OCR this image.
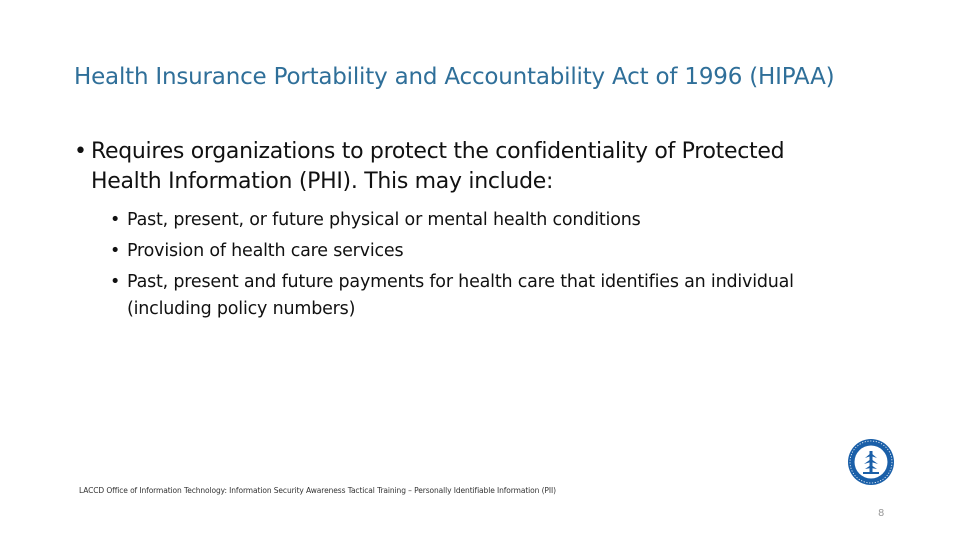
Health Insurance Portability and Accountability Act of 1996 (HIPAA)
• Requires organizations to protect the confidentiality of Protected
Health Information (PHI). This may include:
• Past, present, or future physical or mental health conditions
• Provision of health care services
• Past, present and future payments for health care that identifies an individual
(including policy numbers)
LACCD Office of Information Technology: Information Security Awareness Tactical Training – Personally Identifiable Information (PII)
8
